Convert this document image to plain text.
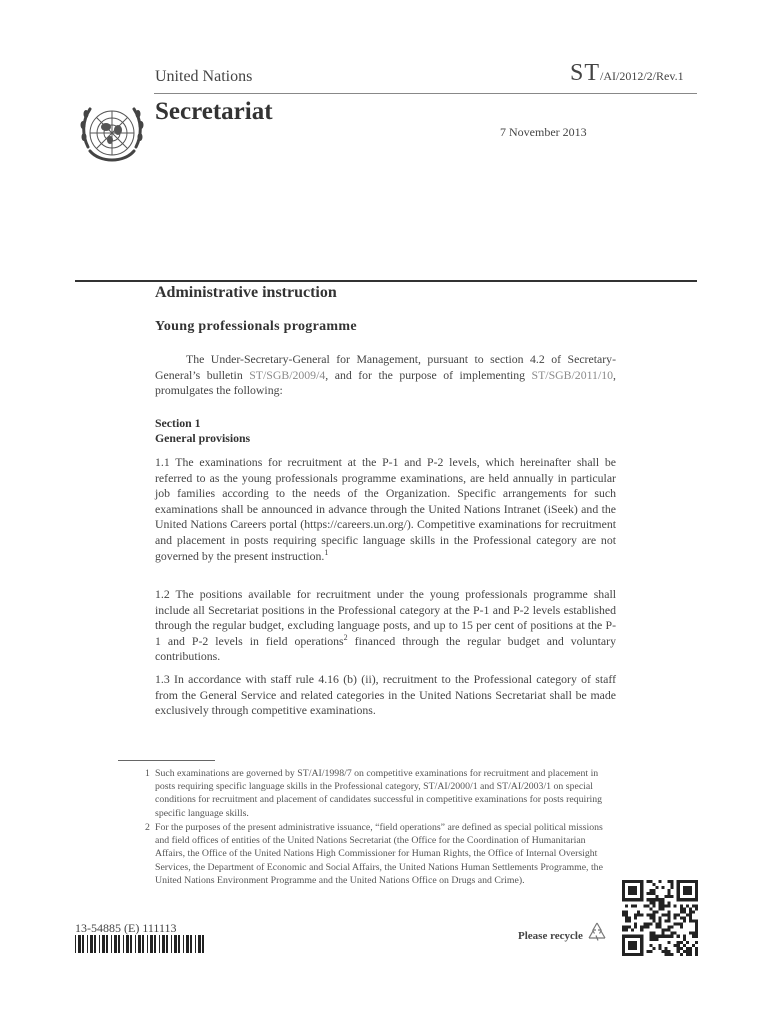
United Nations	ST/AI/2012/2/Rev.1
Secretariat
7 November 2013
Administrative instruction
Young professionals programme
The Under-Secretary-General for Management, pursuant to section 4.2 of Secretary-General’s bulletin ST/SGB/2009/4, and for the purpose of implementing ST/SGB/2011/10, promulgates the following:
Section 1
General provisions
1.1 The examinations for recruitment at the P-1 and P-2 levels, which hereinafter shall be referred to as the young professionals programme examinations, are held annually in particular job families according to the needs of the Organization. Specific arrangements for such examinations shall be announced in advance through the United Nations Intranet (iSeek) and the United Nations Careers portal (https://careers.un.org/). Competitive examinations for recruitment and placement in posts requiring specific language skills in the Professional category are not governed by the present instruction.$^1$
1.2 The positions available for recruitment under the young professionals programme shall include all Secretariat positions in the Professional category at the P-1 and P-2 levels established through the regular budget, excluding language posts, and up to 15 per cent of positions at the P-1 and P-2 levels in field operations$^2$ financed through the regular budget and voluntary contributions.
1.3 In accordance with staff rule 4.16 (b) (ii), recruitment to the Professional category of staff from the General Service and related categories in the United Nations Secretariat shall be made exclusively through competitive examinations.
1 Such examinations are governed by ST/AI/1998/7 on competitive examinations for recruitment and placement in posts requiring specific language skills in the Professional category, ST/AI/2000/1 and ST/AI/2003/1 on special conditions for recruitment and placement of candidates successful in competitive examinations for posts requiring specific language skills.
2 For the purposes of the present administrative issuance, “field operations” are defined as special political missions and field offices of entities of the United Nations Secretariat (the Office for the Coordination of Humanitarian Affairs, the Office of the United Nations High Commissioner for Human Rights, the Office of Internal Oversight Services, the Department of Economic and Social Affairs, the United Nations Human Settlements Programme, the United Nations Environment Programme and the United Nations Office on Drugs and Crime).
13-54885 (E) 111113
Please recycle
